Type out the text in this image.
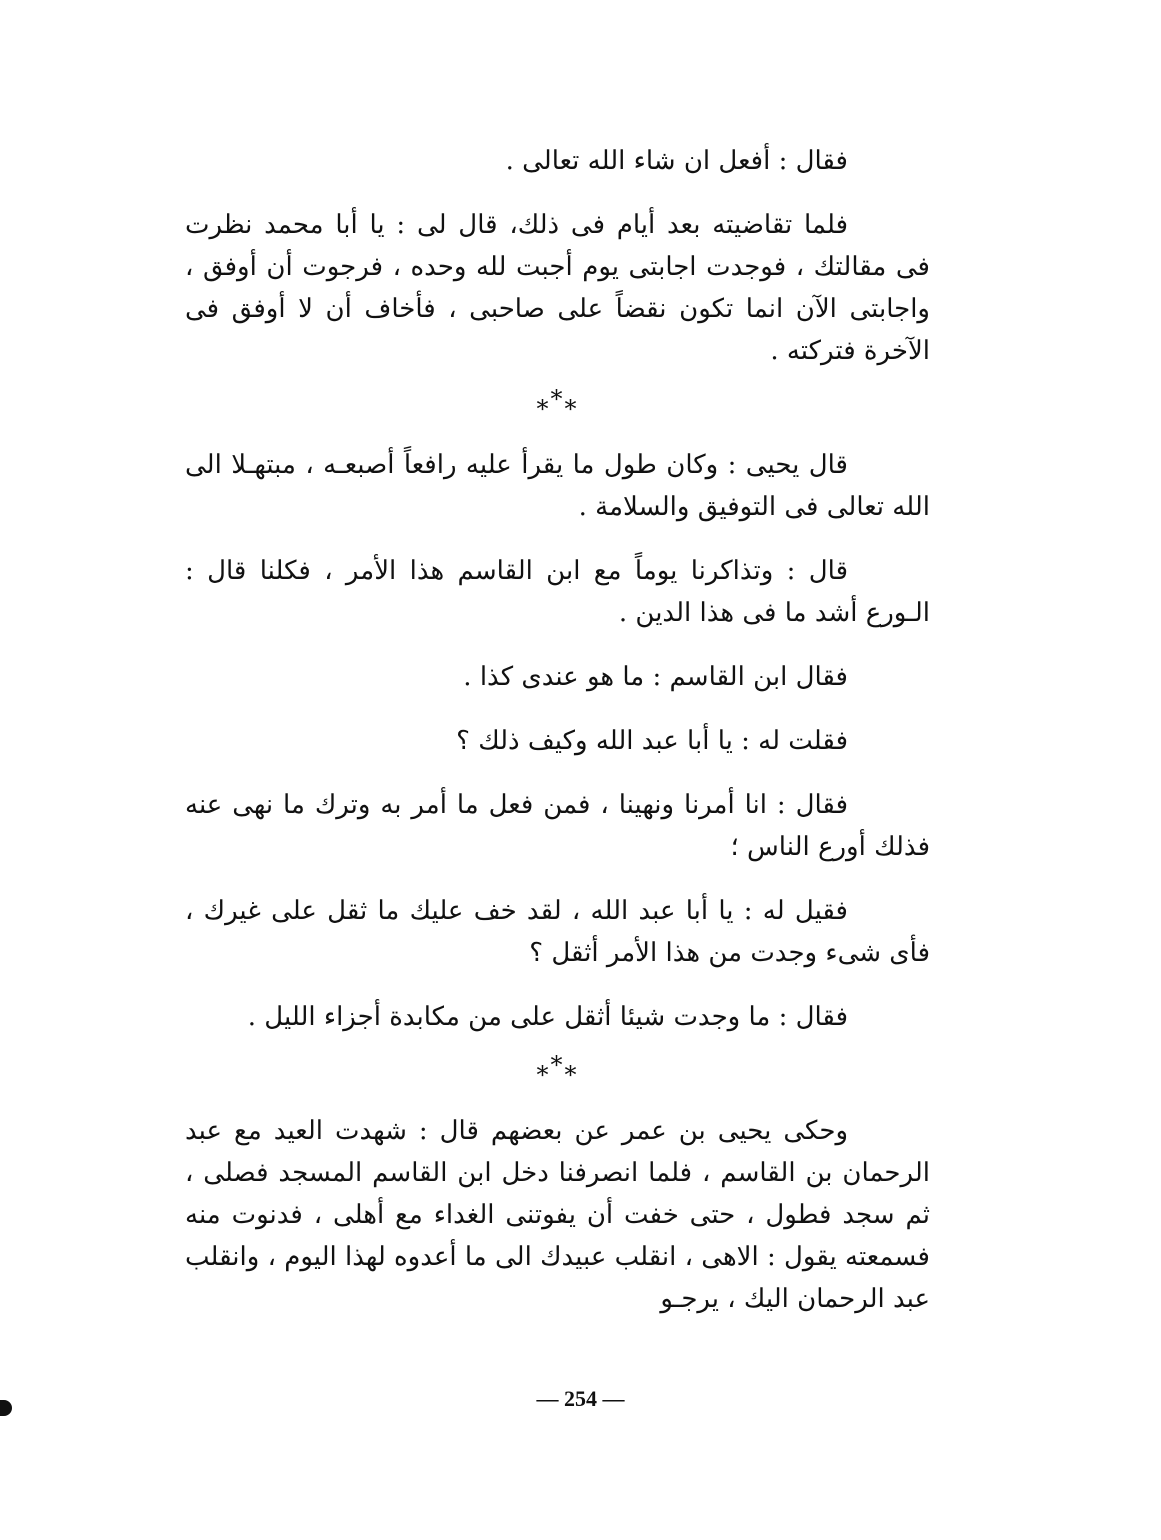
فقال : أفعل ان شاء الله تعالى .

فلما تقاضيته بعد أيام فى ذلك، قال لى : يا أبا محمد نظرت فى مقالتك ، فوجدت اجابتى يوم أجبت لله وحده ، فرجوت أن أوفق ، واجابتى الآن انما تكون نقضاً على صاحبى ، فأخاف أن لا أوفق فى الآخرة فتركته .

***

قال يحيى : وكان طول ما يقرأ عليه رافعاً أصبعـه ، مبتهـلا الى الله تعالى فى التوفيق والسلامة .

قال : وتذاكرنا يوماً مع ابن القاسم هذا الأمر ، فكلنا قال : الـورع أشد ما فى هذا الدين .

فقال ابن القاسم : ما هو عندى كذا .

فقلت له : يا أبا عبد الله وكيف ذلك ؟

فقال : انا أمرنا ونهينا ، فمن فعل ما أمر به وترك ما نهى عنه فذلك أورع الناس ؛

فقيل له : يا أبا عبد الله ، لقد خف عليك ما ثقل على غيرك ، فأى شىء وجدت من هذا الأمر أثقل ؟

فقال : ما وجدت شيئا أثقل على من مكابدة أجزاء الليل .

***

وحكى يحيى بن عمر عن بعضهم قال : شهدت العيد مع عبد الرحمان بن القاسم ، فلما انصرفنا دخل ابن القاسم المسجد فصلى ، ثم سجد فطول ، حتى خفت أن يفوتنى الغداء مع أهلى ، فدنوت منه فسمعته يقول : الاهى ، انقلب عبيدك الى ما أعدوه لهذا اليوم ، وانقلب عبد الرحمان اليك ، يرجـو

— 254 —
